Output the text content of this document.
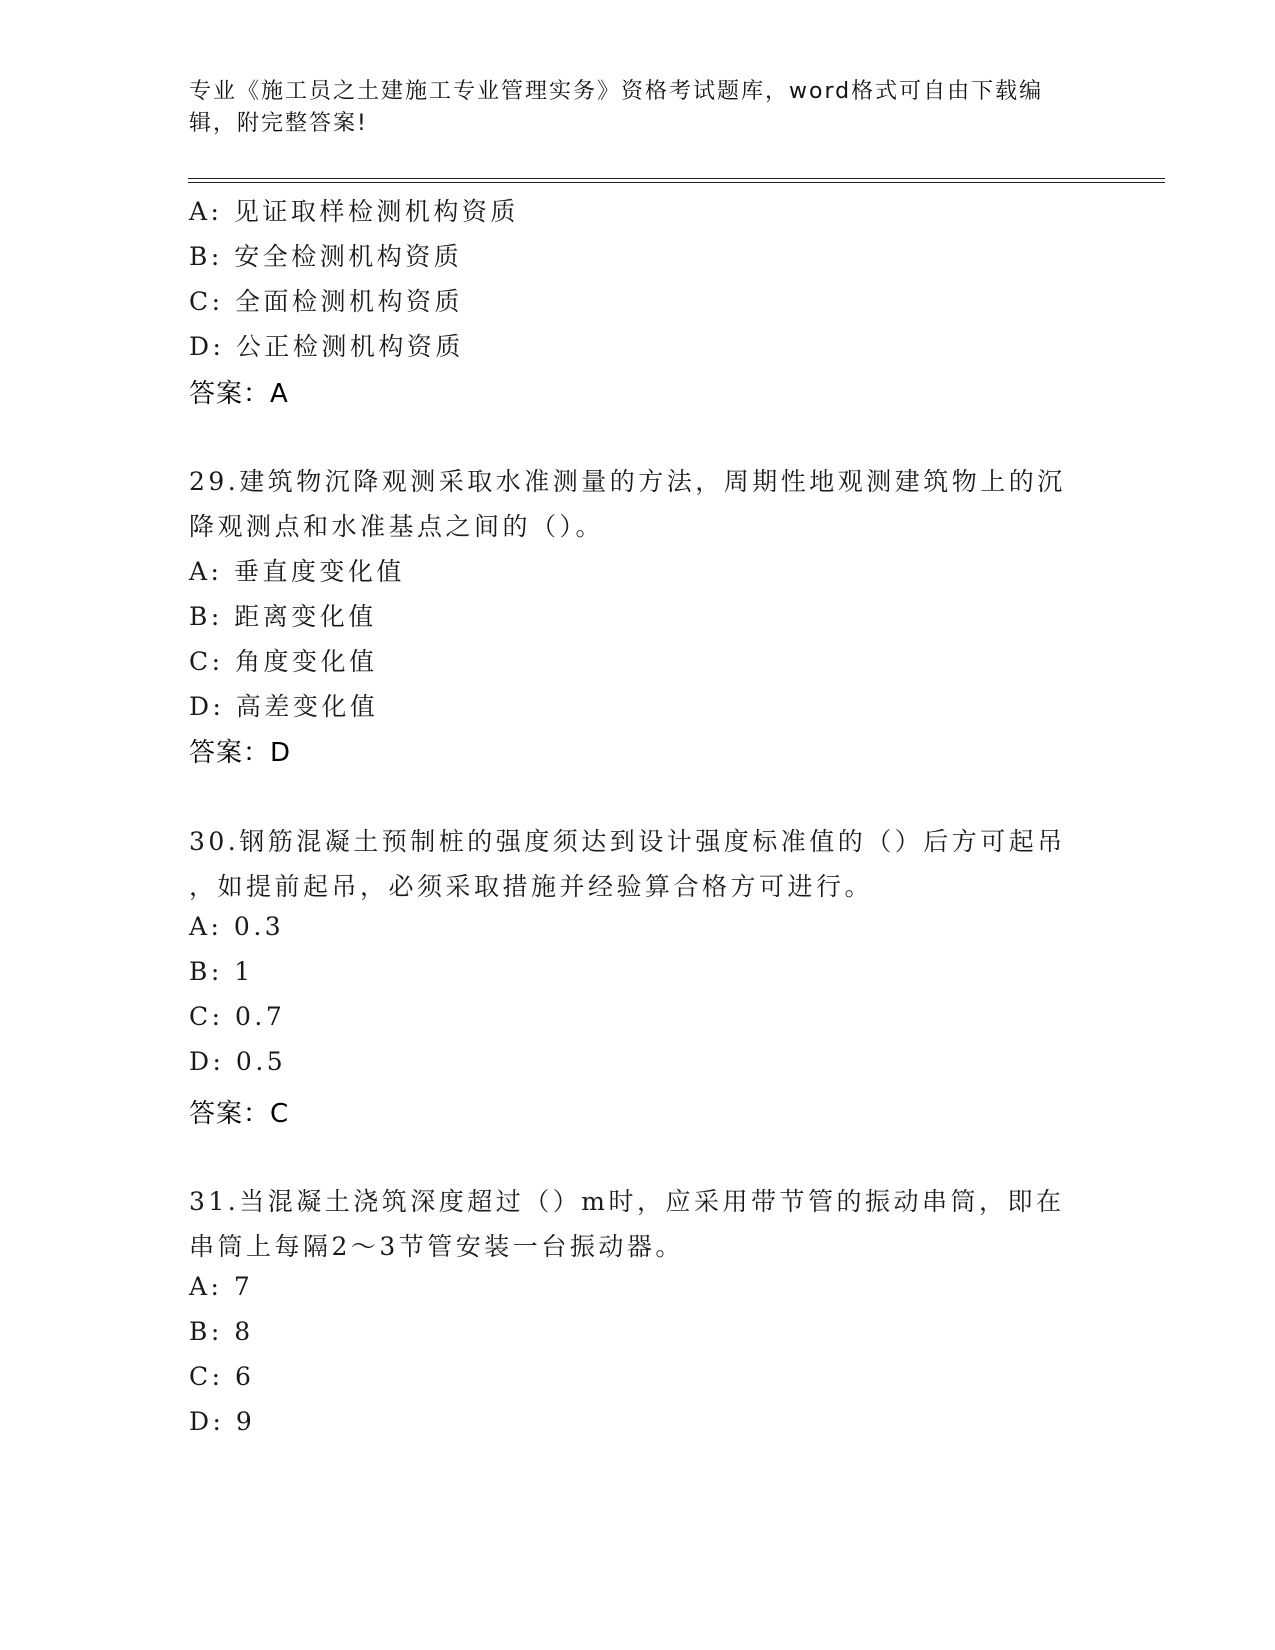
专业《施工员之土建施工专业管理实务》资格考试题库，word格式可自由下载编
辑，附完整答案!
A: 见证取样检测机构资质
B: 安全检测机构资质
C: 全面检测机构资质
D: 公正检测机构资质
答案：A
29.建筑物沉降观测采取水准测量的方法，周期性地观测建筑物上的沉
降观测点和水准基点之间的（）。
A: 垂直度变化值
B: 距离变化值
C: 角度变化值
D: 高差变化值
答案：D
30.钢筋混凝土预制桩的强度须达到设计强度标准值的（）后方可起吊
，如提前起吊，必须采取措施并经验算合格方可进行。
A: 0.3
B: 1
C: 0.7
D: 0.5
答案：C
31.当混凝土浇筑深度超过（）m时，应采用带节管的振动串筒，即在
串筒上每隔2～3节管安装一台振动器。
A: 7
B: 8
C: 6
D: 9
